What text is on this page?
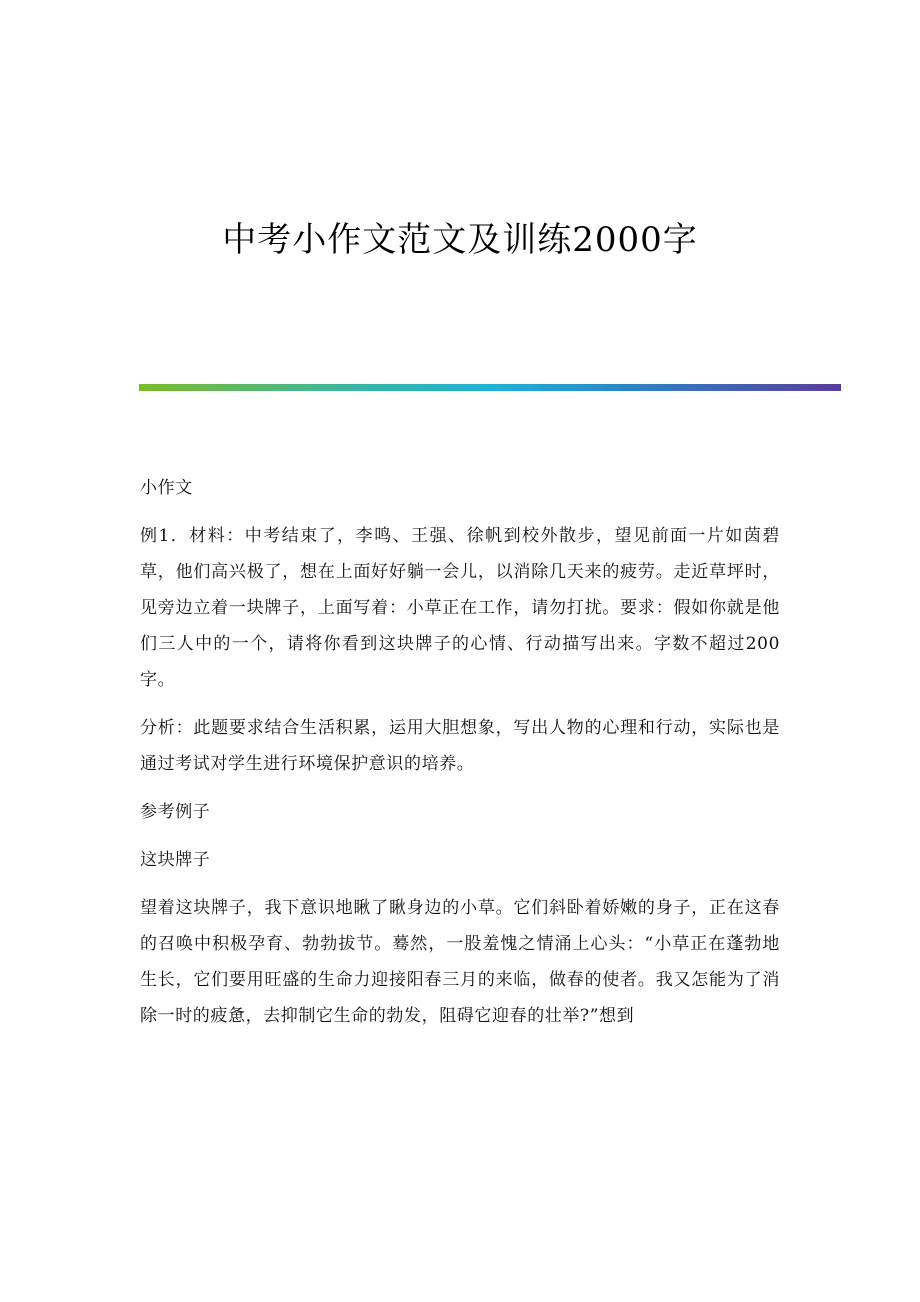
中考小作文范文及训练2000字

小作文

例1．材料：中考结束了，李鸣、王强、徐帆到校外散步，望见前面一片如茵碧草，他们高兴极了，想在上面好好躺一会儿，以消除几天来的疲劳。走近草坪时，见旁边立着一块牌子，上面写着：小草正在工作，请勿打扰。要求：假如你就是他们三人中的一个，请将你看到这块牌子的心情、行动描写出来。字数不超过200字。

分析：此题要求结合生活积累，运用大胆想象，写出人物的心理和行动，实际也是通过考试对学生进行环境保护意识的培养。

参考例子

这块牌子

望着这块牌子，我下意识地瞅了瞅身边的小草。它们斜卧着娇嫩的身子，正在这春的召唤中积极孕育、勃勃拔节。蓦然，一股羞愧之情涌上心头：“小草正在蓬勃地生长，它们要用旺盛的生命力迎接阳春三月的来临，做春的使者。我又怎能为了消除一时的疲惫，去抑制它生命的勃发，阻碍它迎春的壮举?”想到
